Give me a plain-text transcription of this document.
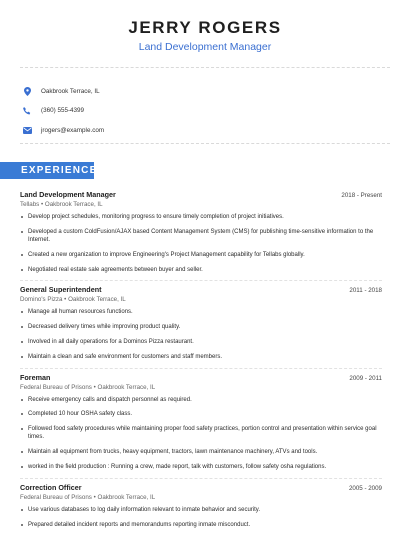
JERRY ROGERS
Land Development Manager
Oakbrook Terrace, IL
(360) 555-4399
jrogers@example.com
EXPERIENCE
Land Development Manager	2018 - Present
Tellabs • Oakbrook Terrace, IL
Develop project schedules, monitoring progress to ensure timely completion of project initiatives.
Developed a custom ColdFusion/AJAX based Content Management System (CMS) for publishing time-sensitive information to the Internet.
Created a new organization to improve Engineering's Project Management capability for Tellabs globally.
Negotiated real estate sale agreements between buyer and seller.
General Superintendent	2011 - 2018
Domino's Pizza • Oakbrook Terrace, IL
Manage all human resources functions.
Decreased delivery times while improving product quality.
Involved in all daily operations for a Dominos Pizza restaurant.
Maintain a clean and safe environment for customers and staff members.
Foreman	2009 - 2011
Federal Bureau of Prisons • Oakbrook Terrace, IL
Receive emergency calls and dispatch personnel as required.
Completed 10 hour OSHA safety class.
Followed food safety procedures while maintaining proper food safety practices, portion control and presentation within service goal times.
Maintain all equipment from trucks, heavy equipment, tractors, lawn maintenance machinery, ATVs and tools.
worked in the field production : Running a crew, made report, talk with customers, follow safety osha regulations.
Correction Officer	2005 - 2009
Federal Bureau of Prisons • Oakbrook Terrace, IL
Use various databases to log daily information relevant to inmate behavior and security.
Prepared detailed incident reports and memorandums reporting inmate misconduct.
